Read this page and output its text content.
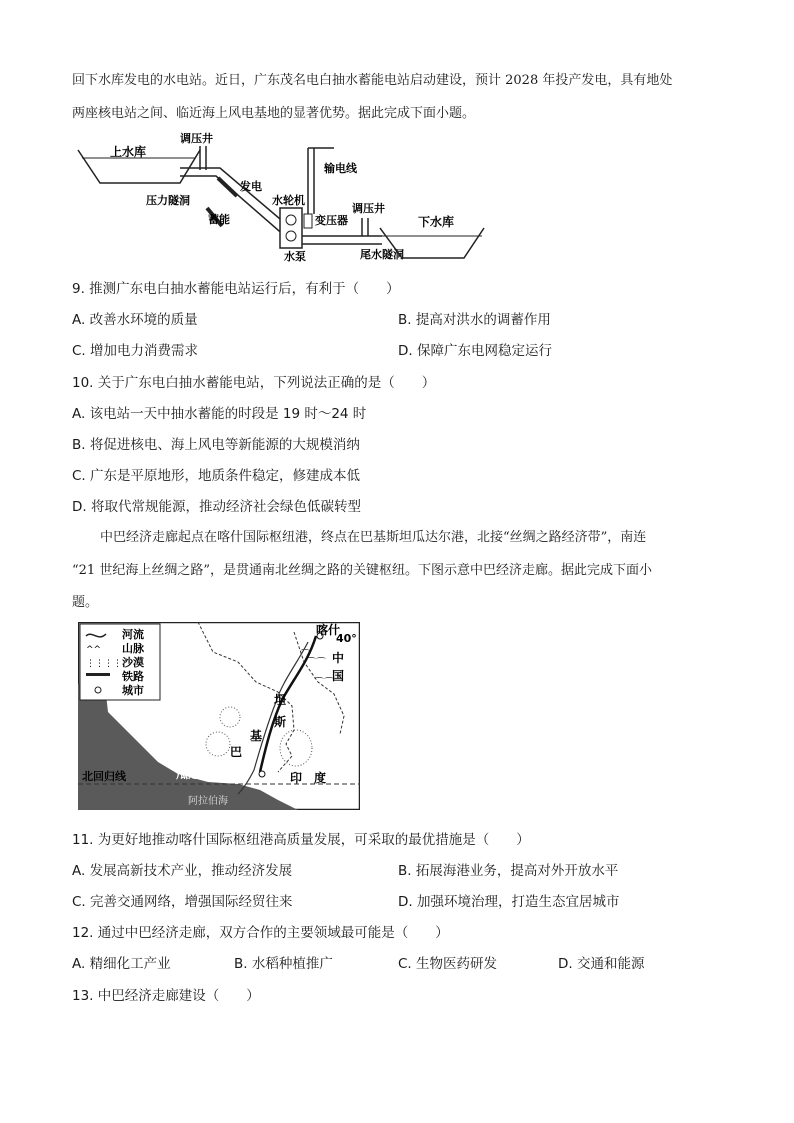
回下水库发电的水电站。近日，广东茂名电白抽水蓄能电站启动建设，预计 2028 年投产发电，具有地处
两座核电站之间、临近海上风电基地的显著优势。据此完成下面小题。
上水库
调压井
压力隧洞
发电
蓄能
水轮机
水泵
输电线
变压器
调压井
尾水隧洞
下水库
9. 推测广东电白抽水蓄能电站运行后，有利于（　　）
A. 改善水环境的质量	B. 提高对洪水的调蓄作用
C. 增加电力消费需求	D. 保障广东电网稳定运行
10. 关于广东电白抽水蓄能电站，下列说法正确的是（　　）
A. 该电站一天中抽水蓄能的时段是 19 时～24 时
B. 将促进核电、海上风电等新能源的大规模消纳
C. 广东是平原地形，地质条件稳定，修建成本低
D. 将取代常规能源，推动经济社会绿色低碳转型
中巴经济走廊起点在喀什国际枢纽港，终点在巴基斯坦瓜达尔港，北接“丝绸之路经济带”，南连
“21 世纪海上丝绸之路”，是贯通南北丝绸之路的关键枢纽。下图示意中巴经济走廊。据此完成下面小
题。
⌒⌒
⌒⌒
⌒
河流
^^ 山脉
⋮⋮⋮⋮ 沙漠
铁路
城市
喀什
40°
中
国
坦
斯
基
巴
瓜达尔港	印　度
北回归线
阿拉伯海
11. 为更好地推动喀什国际枢纽港高质量发展，可采取的最优措施是（　　）
A. 发展高新技术产业，推动经济发展	B. 拓展海港业务，提高对外开放水平
C. 完善交通网络，增强国际经贸往来	D. 加强环境治理，打造生态宜居城市
12. 通过中巴经济走廊，双方合作的主要领域最可能是（　　）
A. 精细化工产业	B. 水稻种植推广	C. 生物医药研发	D. 交通和能源
13. 中巴经济走廊建设（　　）
